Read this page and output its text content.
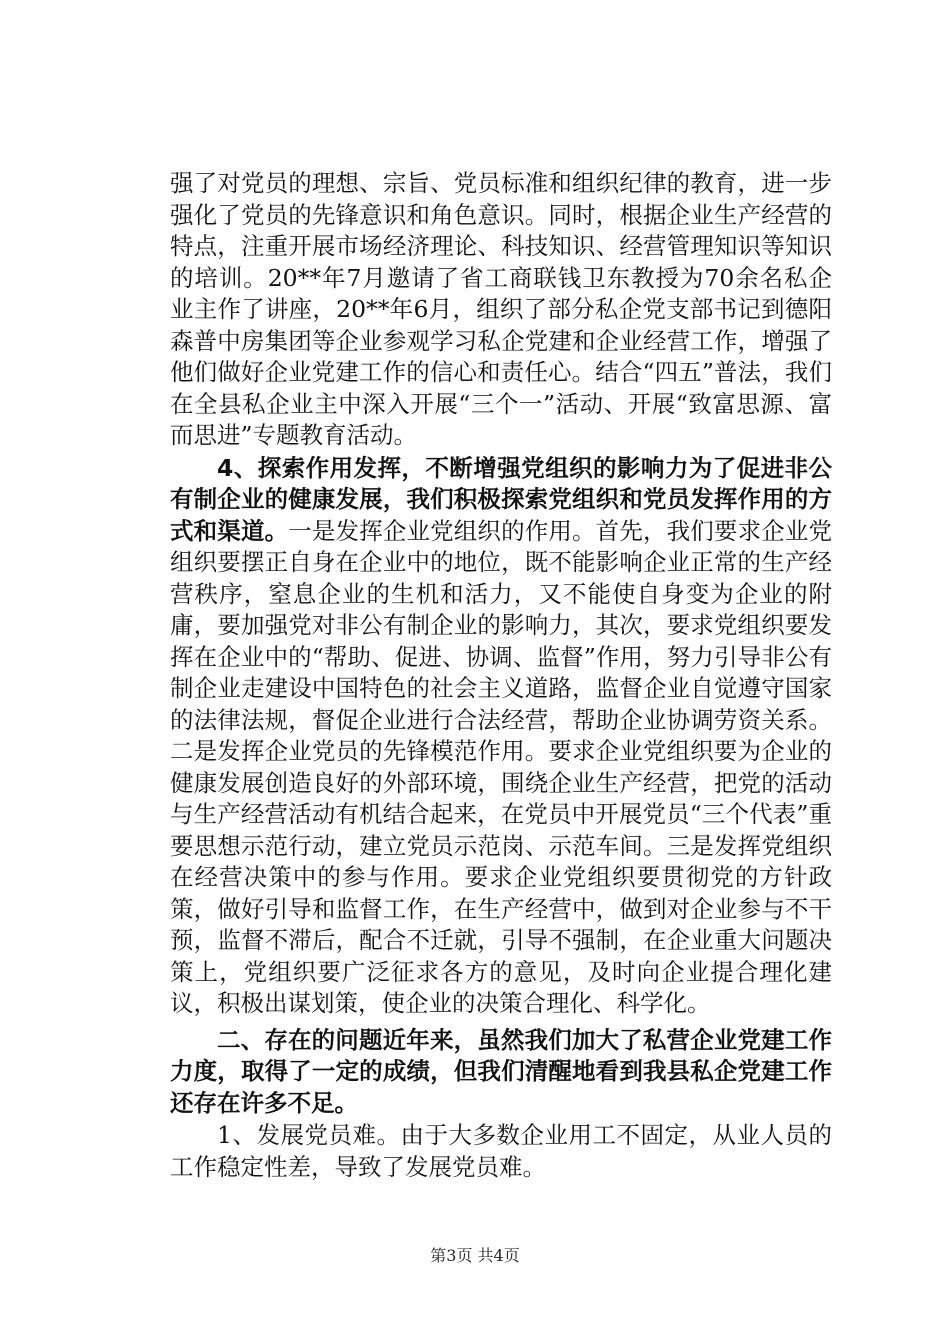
强了对党员的理想、宗旨、党员标准和组织纪律的教育，进一步强化了党员的先锋意识和角色意识。同时，根据企业生产经营的特点，注重开展市场经济理论、科技知识、经营管理知识等知识的培训。20**年7月邀请了省工商联钱卫东教授为70余名私企业主作了讲座，20**年6月，组织了部分私企党支部书记到德阳森普中房集团等企业参观学习私企党建和企业经营工作，增强了他们做好企业党建工作的信心和责任心。结合“四五”普法，我们在全县私企业主中深入开展“三个一”活动、开展“致富思源、富而思进”专题教育活动。

4、探索作用发挥，不断增强党组织的影响力为了促进非公有制企业的健康发展，我们积极探索党组织和党员发挥作用的方式和渠道。一是发挥企业党组织的作用。首先，我们要求企业党组织要摆正自身在企业中的地位，既不能影响企业正常的生产经营秩序，窒息企业的生机和活力，又不能使自身变为企业的附庸，要加强党对非公有制企业的影响力，其次，要求党组织要发挥在企业中的“帮助、促进、协调、监督”作用，努力引导非公有制企业走建设中国特色的社会主义道路，监督企业自觉遵守国家的法律法规，督促企业进行合法经营，帮助企业协调劳资关系。二是发挥企业党员的先锋模范作用。要求企业党组织要为企业的健康发展创造良好的外部环境，围绕企业生产经营，把党的活动与生产经营活动有机结合起来，在党员中开展党员“三个代表”重要思想示范行动，建立党员示范岗、示范车间。三是发挥党组织在经营决策中的参与作用。要求企业党组织要贯彻党的方针政策，做好引导和监督工作，在生产经营中，做到对企业参与不干预，监督不滞后，配合不迁就，引导不强制，在企业重大问题决策上，党组织要广泛征求各方的意见，及时向企业提合理化建议，积极出谋划策，使企业的决策合理化、科学化。

二、存在的问题近年来，虽然我们加大了私营企业党建工作力度，取得了一定的成绩，但我们清醒地看到我县私企党建工作还存在许多不足。

1、发展党员难。由于大多数企业用工不固定，从业人员的工作稳定性差，导致了发展党员难。

第3页 共4页
